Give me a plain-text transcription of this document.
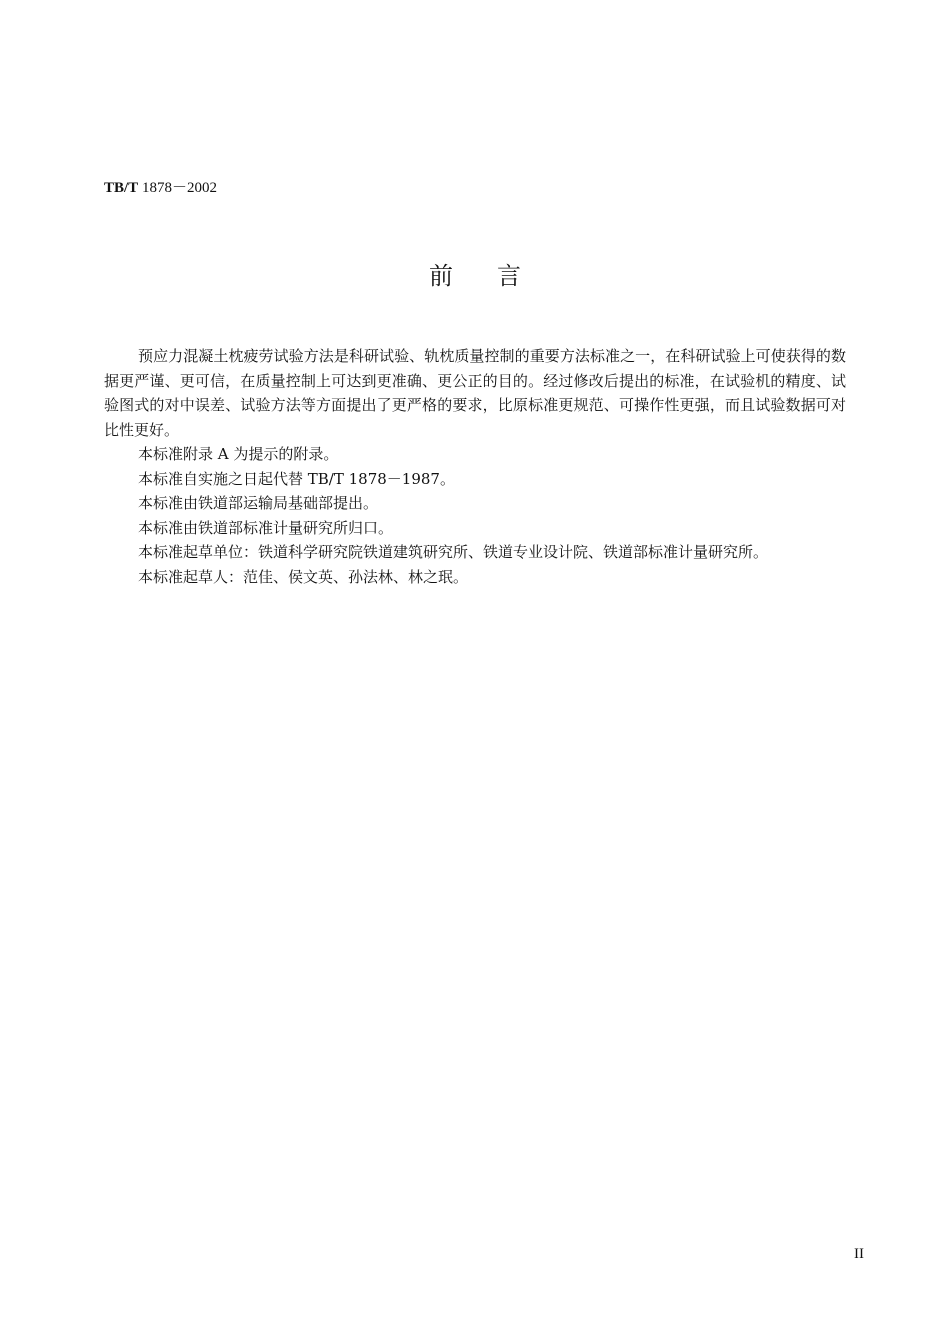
TB/T 1878－2002
前言

预应力混凝土枕疲劳试验方法是科研试验、轨枕质量控制的重要方法标准之一，在科研试验上可使获得的数据更严谨、更可信，在质量控制上可达到更准确、更公正的目的。经过修改后提出的标准，在试验机的精度、试验图式的对中误差、试验方法等方面提出了更严格的要求，比原标准更规范、可操作性更强，而且试验数据可对比性更好。

本标准附录 A 为提示的附录。

本标准自实施之日起代替 TB/T 1878－1987。

本标准由铁道部运输局基础部提出。

本标准由铁道部标准计量研究所归口。

本标准起草单位：铁道科学研究院铁道建筑研究所、铁道专业设计院、铁道部标准计量研究所。

本标准起草人：范佳、侯文英、孙法林、林之珉。

II
